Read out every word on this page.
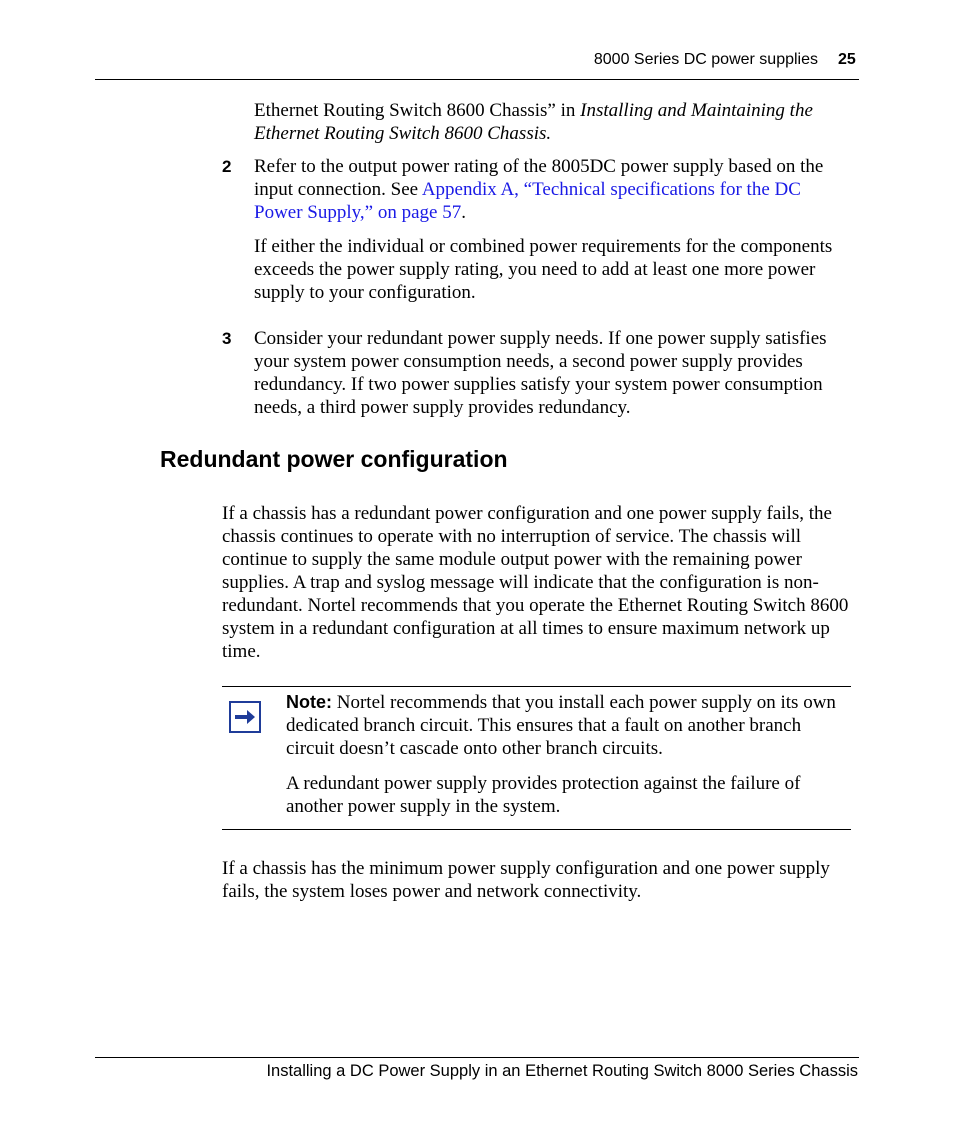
8000 Series DC power supplies 25
Ethernet Routing Switch 8600 Chassis” in Installing and Maintaining the
Ethernet Routing Switch 8600 Chassis.
2 Refer to the output power rating of the 8005DC power supply based on the input connection. See Appendix A, “Technical specifications for the DC Power Supply,” on page 57.
If either the individual or combined power requirements for the components exceeds the power supply rating, you need to add at least one more power supply to your configuration.
3 Consider your redundant power supply needs. If one power supply satisfies your system power consumption needs, a second power supply provides redundancy. If two power supplies satisfy your system power consumption needs, a third power supply provides redundancy.
Redundant power configuration
If a chassis has a redundant power configuration and one power supply fails, the chassis continues to operate with no interruption of service. The chassis will continue to supply the same module output power with the remaining power supplies. A trap and syslog message will indicate that the configuration is non-redundant. Nortel recommends that you operate the Ethernet Routing Switch 8600 system in a redundant configuration at all times to ensure maximum network up time.
Note: Nortel recommends that you install each power supply on its own dedicated branch circuit. This ensures that a fault on another branch circuit doesn’t cascade onto other branch circuits.
A redundant power supply provides protection against the failure of another power supply in the system.
If a chassis has the minimum power supply configuration and one power supply fails, the system loses power and network connectivity.
Installing a DC Power Supply in an Ethernet Routing Switch 8000 Series Chassis
